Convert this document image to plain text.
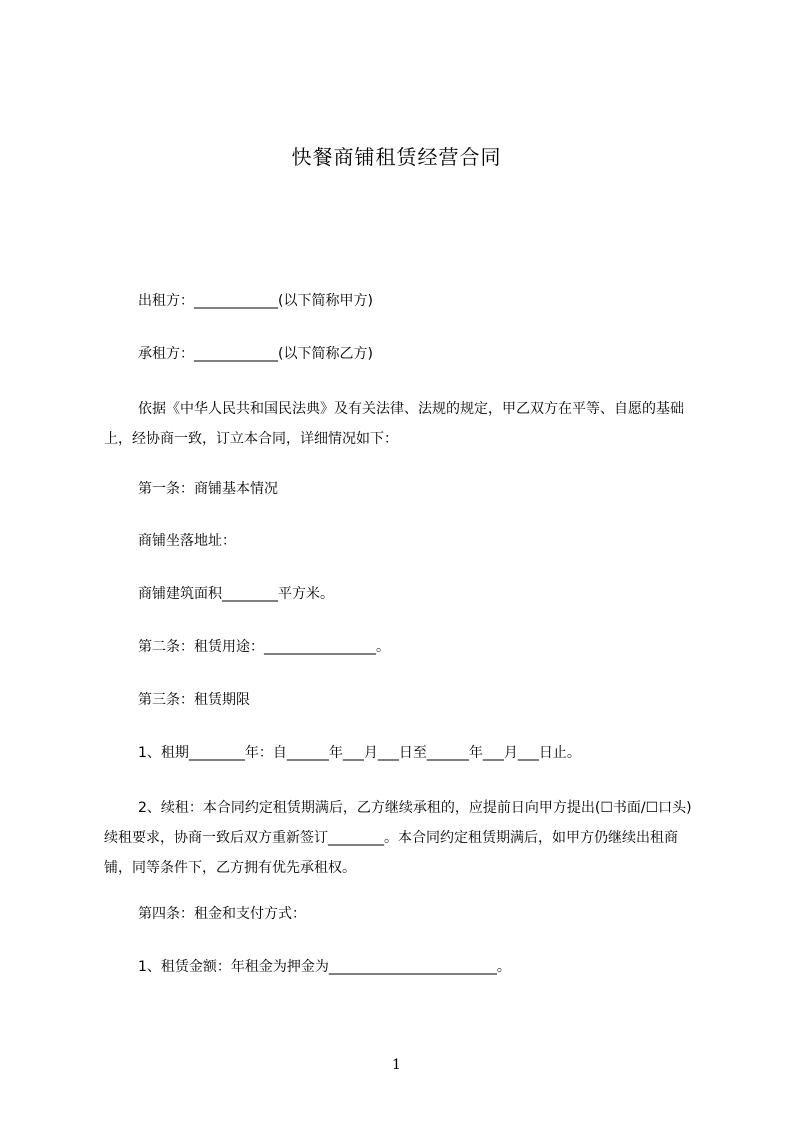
快餐商铺租赁经营合同

出租方：____________(以下简称甲方)

承租方：____________(以下简称乙方)

依据《中华人民共和国民法典》及有关法律、法规的规定，甲乙双方在平等、自愿的基础上，经协商一致，订立本合同，详细情况如下：

第一条：商铺基本情况

商铺坐落地址：

商铺建筑面积________平方米。

第二条：租赁用途：________________。

第三条：租赁期限

1、租期________年：自______年___月___日至______年___月___日止。

2、续租：本合同约定租赁期满后，乙方继续承租的，应提前日向甲方提出(☐书面/☐口头)续租要求，协商一致后双方重新签订________。本合同约定租赁期满后，如甲方仍继续出租商铺，同等条件下，乙方拥有优先承租权。

第四条：租金和支付方式：

1、租赁金额：年租金为押金为________________________。

1
